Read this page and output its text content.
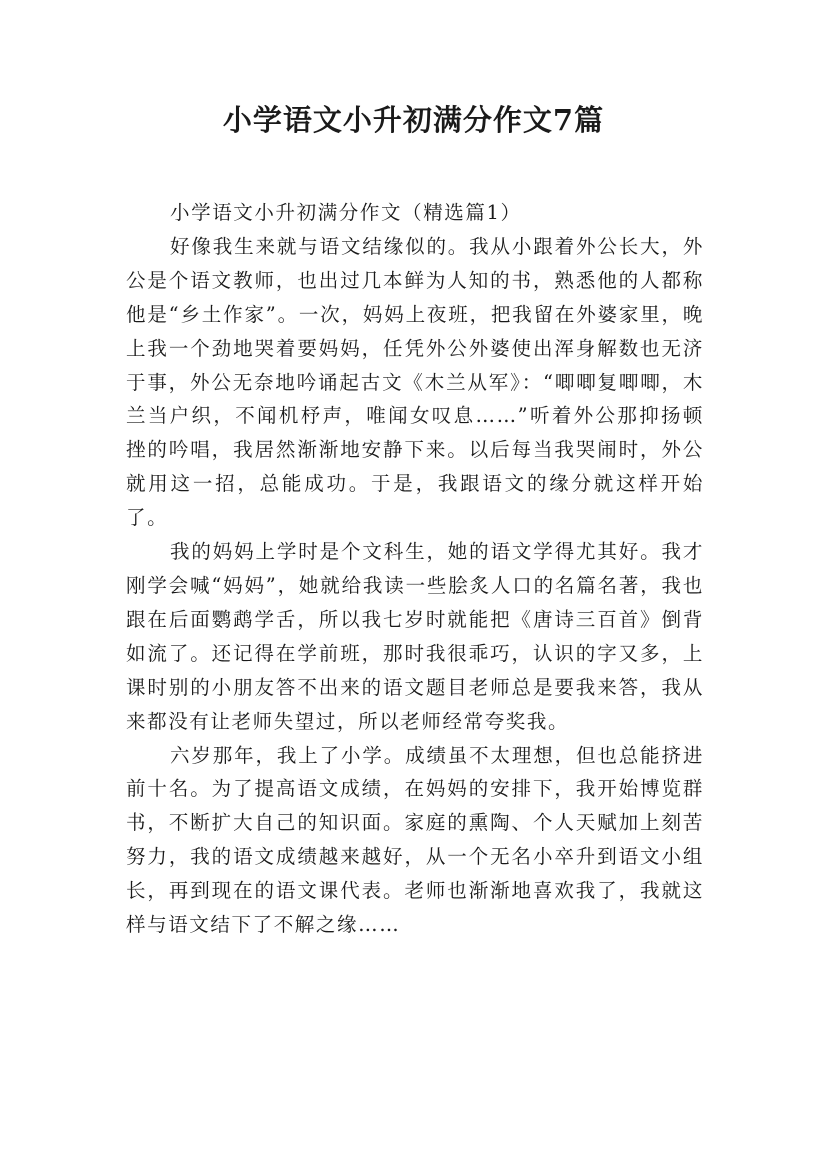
小学语文小升初满分作文7篇

小学语文小升初满分作文（精选篇1）

好像我生来就与语文结缘似的。我从小跟着外公长大，外公是个语文教师，也出过几本鲜为人知的书，熟悉他的人都称他是“乡土作家”。一次，妈妈上夜班，把我留在外婆家里，晚上我一个劲地哭着要妈妈，任凭外公外婆使出浑身解数也无济于事，外公无奈地吟诵起古文《木兰从军》：“唧唧复唧唧，木兰当户织，不闻机杼声，唯闻女叹息……”听着外公那抑扬顿挫的吟唱，我居然渐渐地安静下来。以后每当我哭闹时，外公就用这一招，总能成功。于是，我跟语文的缘分就这样开始了。

我的妈妈上学时是个文科生，她的语文学得尤其好。我才刚学会喊“妈妈”，她就给我读一些脍炙人口的名篇名著，我也跟在后面鹦鹉学舌，所以我七岁时就能把《唐诗三百首》倒背如流了。还记得在学前班，那时我很乖巧，认识的字又多，上课时别的小朋友答不出来的语文题目老师总是要我来答，我从来都没有让老师失望过，所以老师经常夸奖我。

六岁那年，我上了小学。成绩虽不太理想，但也总能挤进前十名。为了提高语文成绩，在妈妈的安排下，我开始博览群书，不断扩大自己的知识面。家庭的熏陶、个人天赋加上刻苦努力，我的语文成绩越来越好，从一个无名小卒升到语文小组长，再到现在的语文课代表。老师也渐渐地喜欢我了，我就这样与语文结下了不解之缘……
